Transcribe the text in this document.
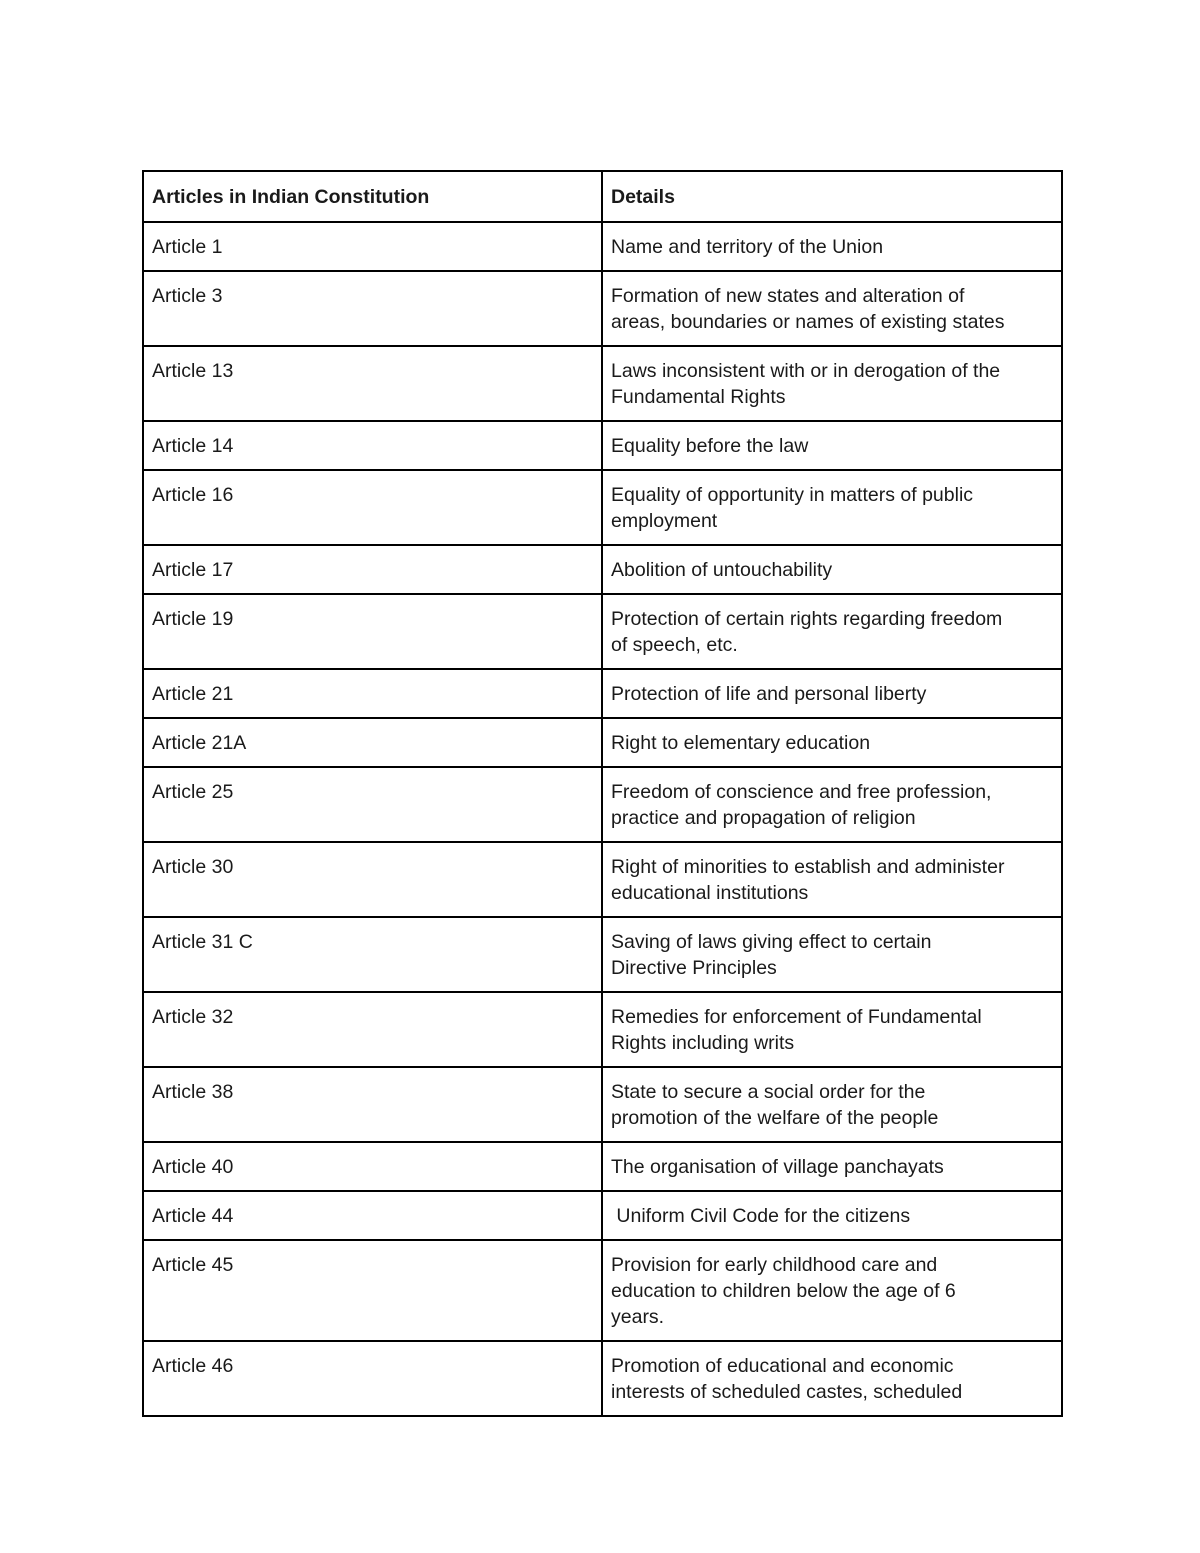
Articles in Indian Constitution	Details
Article 1	Name and territory of the Union
Article 3	Formation of new states and alteration of
areas, boundaries or names of existing states
Article 13	Laws inconsistent with or in derogation of the
Fundamental Rights
Article 14	Equality before the law
Article 16	Equality of opportunity in matters of public
employment
Article 17	Abolition of untouchability
Article 19	Protection of certain rights regarding freedom
of speech, etc.
Article 21	Protection of life and personal liberty
Article 21A	Right to elementary education
Article 25	Freedom of conscience and free profession,
practice and propagation of religion
Article 30	Right of minorities to establish and administer
educational institutions
Article 31 C	Saving of laws giving effect to certain
Directive Principles
Article 32	Remedies for enforcement of Fundamental
Rights including writs
Article 38	State to secure a social order for the
promotion of the welfare of the people
Article 40	The organisation of village panchayats
Article 44	Uniform Civil Code for the citizens
Article 45	Provision for early childhood care and
education to children below the age of 6
years.
Article 46	Promotion of educational and economic
interests of scheduled castes, scheduled
